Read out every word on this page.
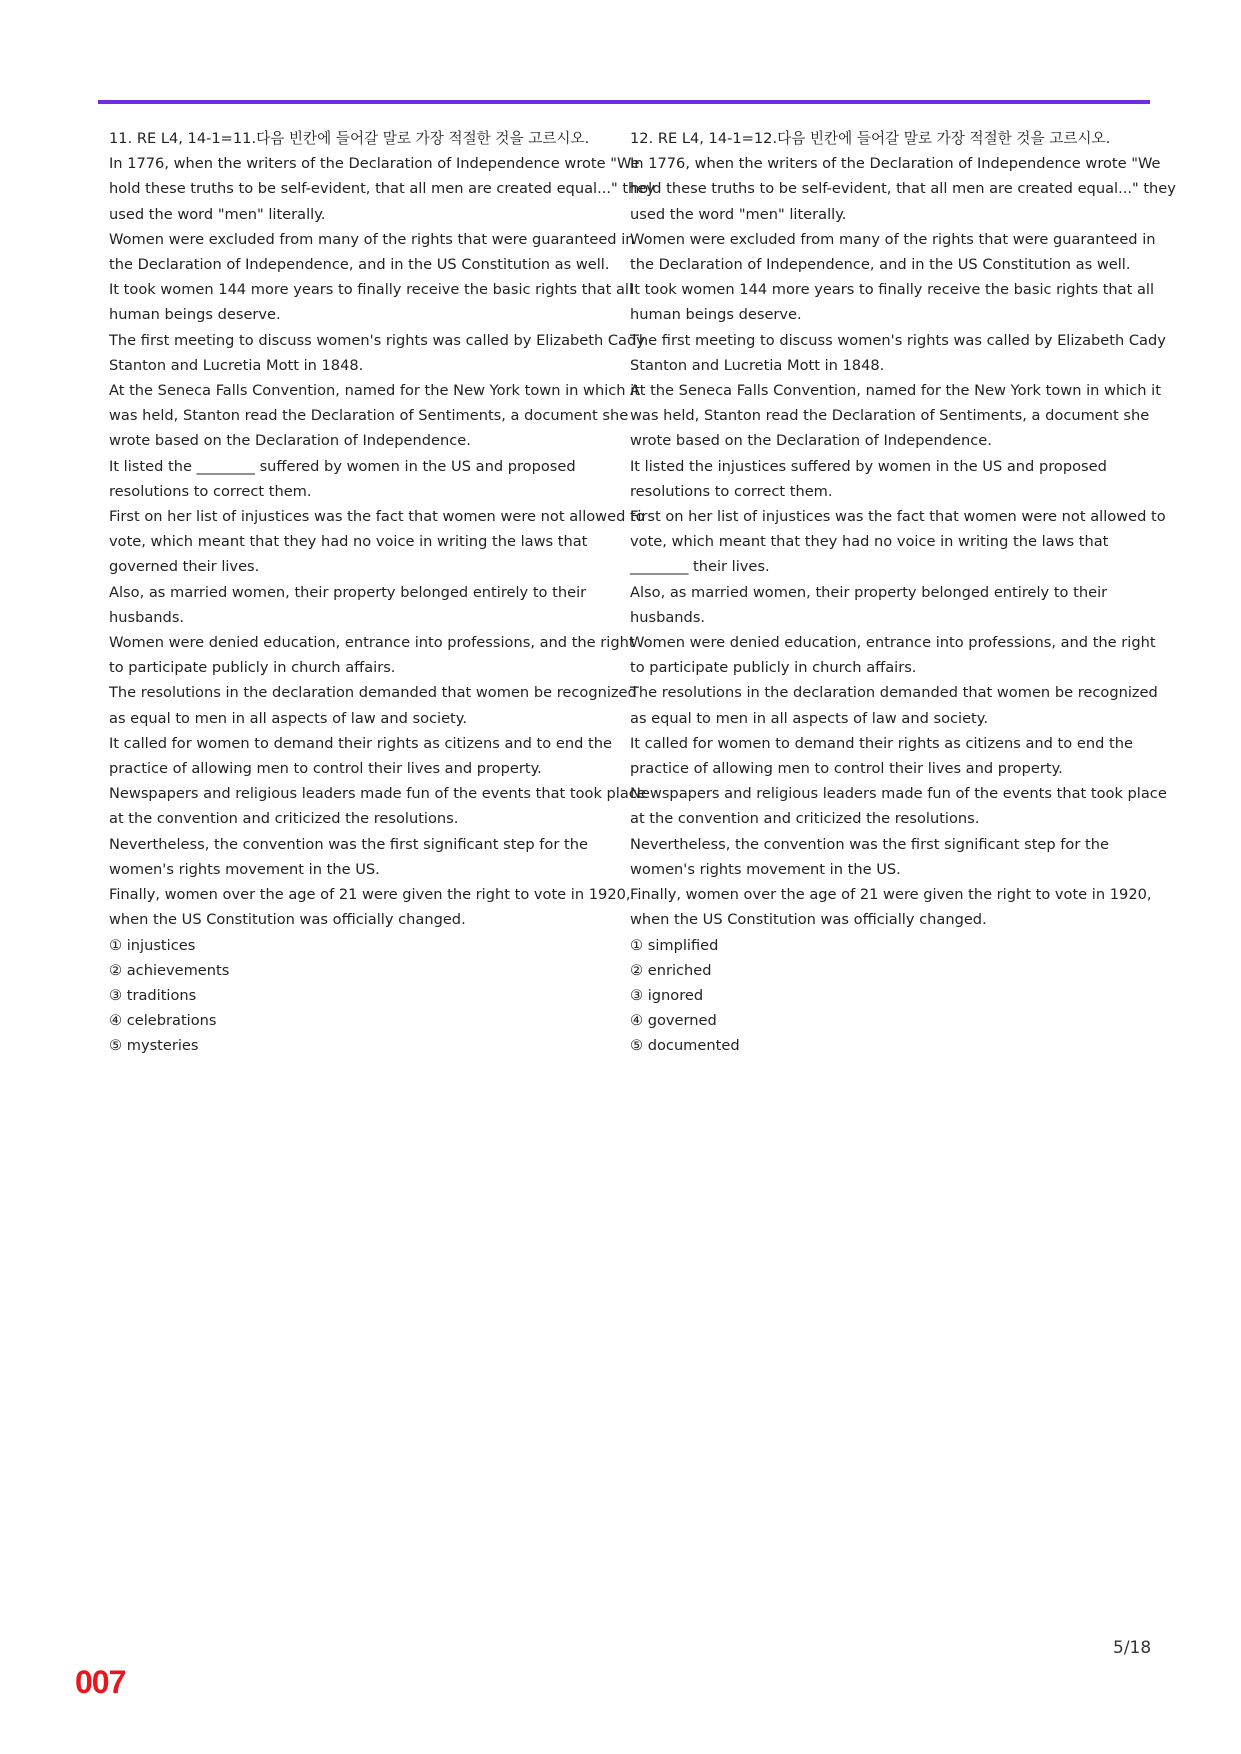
11. RE L4, 14-1=11.다음 빈칸에 들어갈 말로 가장 적절한 것을 고르시오.
In 1776, when the writers of the Declaration of Independence wrote "We
hold these truths to be self-evident, that all men are created equal..." they
used the word "men" literally.
Women were excluded from many of the rights that were guaranteed in
the Declaration of Independence, and in the US Constitution as well.
It took women 144 more years to finally receive the basic rights that all
human beings deserve.
The first meeting to discuss women's rights was called by Elizabeth Cady
Stanton and Lucretia Mott in 1848.
At the Seneca Falls Convention, named for the New York town in which it
was held, Stanton read the Declaration of Sentiments, a document she
wrote based on the Declaration of Independence.
It listed the ________ suffered by women in the US and proposed
resolutions to correct them.
First on her list of injustices was the fact that women were not allowed to
vote, which meant that they had no voice in writing the laws that
governed their lives.
Also, as married women, their property belonged entirely to their
husbands.
Women were denied education, entrance into professions, and the right
to participate publicly in church affairs.
The resolutions in the declaration demanded that women be recognized
as equal to men in all aspects of law and society.
It called for women to demand their rights as citizens and to end the
practice of allowing men to control their lives and property.
Newspapers and religious leaders made fun of the events that took place
at the convention and criticized the resolutions.
Nevertheless, the convention was the first significant step for the
women's rights movement in the US.
Finally, women over the age of 21 were given the right to vote in 1920,
when the US Constitution was officially changed.
① injustices
② achievements
③ traditions
④ celebrations
⑤ mysteries
12. RE L4, 14-1=12.다음 빈칸에 들어갈 말로 가장 적절한 것을 고르시오.
In 1776, when the writers of the Declaration of Independence wrote "We
hold these truths to be self-evident, that all men are created equal..." they
used the word "men" literally.
Women were excluded from many of the rights that were guaranteed in
the Declaration of Independence, and in the US Constitution as well.
It took women 144 more years to finally receive the basic rights that all
human beings deserve.
The first meeting to discuss women's rights was called by Elizabeth Cady
Stanton and Lucretia Mott in 1848.
At the Seneca Falls Convention, named for the New York town in which it
was held, Stanton read the Declaration of Sentiments, a document she
wrote based on the Declaration of Independence.
It listed the injustices suffered by women in the US and proposed
resolutions to correct them.
First on her list of injustices was the fact that women were not allowed to
vote, which meant that they had no voice in writing the laws that
________ their lives.
Also, as married women, their property belonged entirely to their
husbands.
Women were denied education, entrance into professions, and the right
to participate publicly in church affairs.
The resolutions in the declaration demanded that women be recognized
as equal to men in all aspects of law and society.
It called for women to demand their rights as citizens and to end the
practice of allowing men to control their lives and property.
Newspapers and religious leaders made fun of the events that took place
at the convention and criticized the resolutions.
Nevertheless, the convention was the first significant step for the
women's rights movement in the US.
Finally, women over the age of 21 were given the right to vote in 1920,
when the US Constitution was officially changed.
① simplified
② enriched
③ ignored
④ governed
⑤ documented
5/18
007
